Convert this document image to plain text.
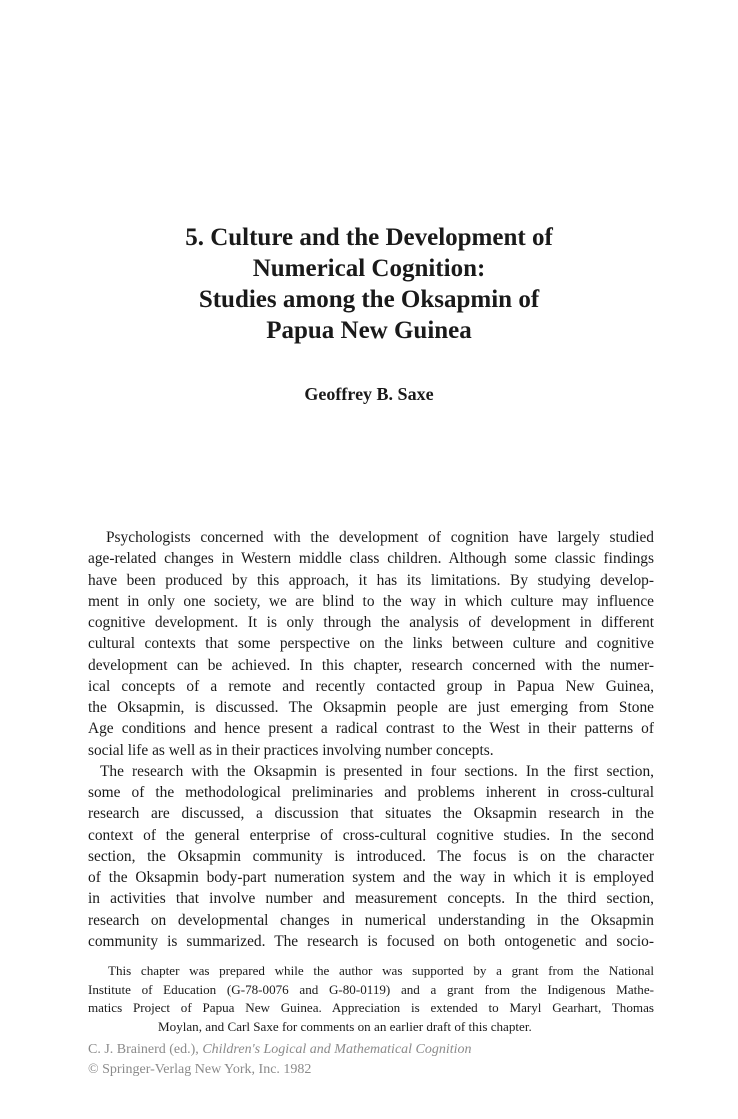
5. Culture and the Development of
Numerical Cognition:
Studies among the Oksapmin of
Papua New Guinea
Geoffrey B. Saxe
Psychologists concerned with the development of cognition have largely studied
age-related changes in Western middle class children. Although some classic findings
have been produced by this approach, it has its limitations. By studying develop-
ment in only one society, we are blind to the way in which culture may influence
cognitive development. It is only through the analysis of development in different
cultural contexts that some perspective on the links between culture and cognitive
development can be achieved. In this chapter, research concerned with the numer-
ical concepts of a remote and recently contacted group in Papua New Guinea,
the Oksapmin, is discussed. The Oksapmin people are just emerging from Stone
Age conditions and hence present a radical contrast to the West in their patterns of
social life as well as in their practices involving number concepts.
The research with the Oksapmin is presented in four sections. In the first section,
some of the methodological preliminaries and problems inherent in cross-cultural
research are discussed, a discussion that situates the Oksapmin research in the
context of the general enterprise of cross-cultural cognitive studies. In the second
section, the Oksapmin community is introduced. The focus is on the character
of the Oksapmin body-part numeration system and the way in which it is employed
in activities that involve number and measurement concepts. In the third section,
research on developmental changes in numerical understanding in the Oksapmin
community is summarized. The research is focused on both ontogenetic and socio-
This chapter was prepared while the author was supported by a grant from the National
Institute of Education (G-78-0076 and G-80-0119) and a grant from the Indigenous Mathe-
matics Project of Papua New Guinea. Appreciation is extended to Maryl Gearhart, Thomas
Moylan, and Carl Saxe for comments on an earlier draft of this chapter.
C. J. Brainerd (ed.), Children's Logical and Mathematical Cognition
© Springer-Verlag New York, Inc. 1982
